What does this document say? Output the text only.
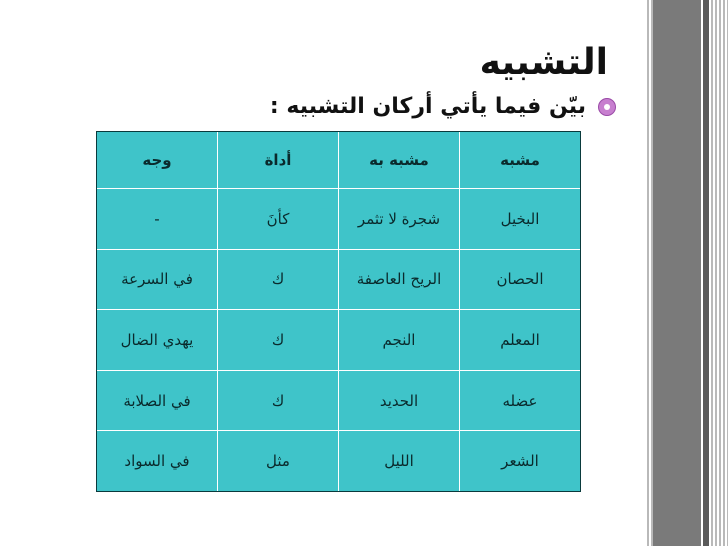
التشبيه
بيّن فيما يأتي أركان التشبيه :
مشبه	مشبه به	أداة	وجه
البخيل	شجرة لا تثمر	كأنَ	-
الحصان	الريح العاصفة	ك	في السرعة
المعلم	النجم	ك	يهدي الضال
عضله	الحديد	ك	في الصلابة
الشعر	الليل	مثل	في السواد
